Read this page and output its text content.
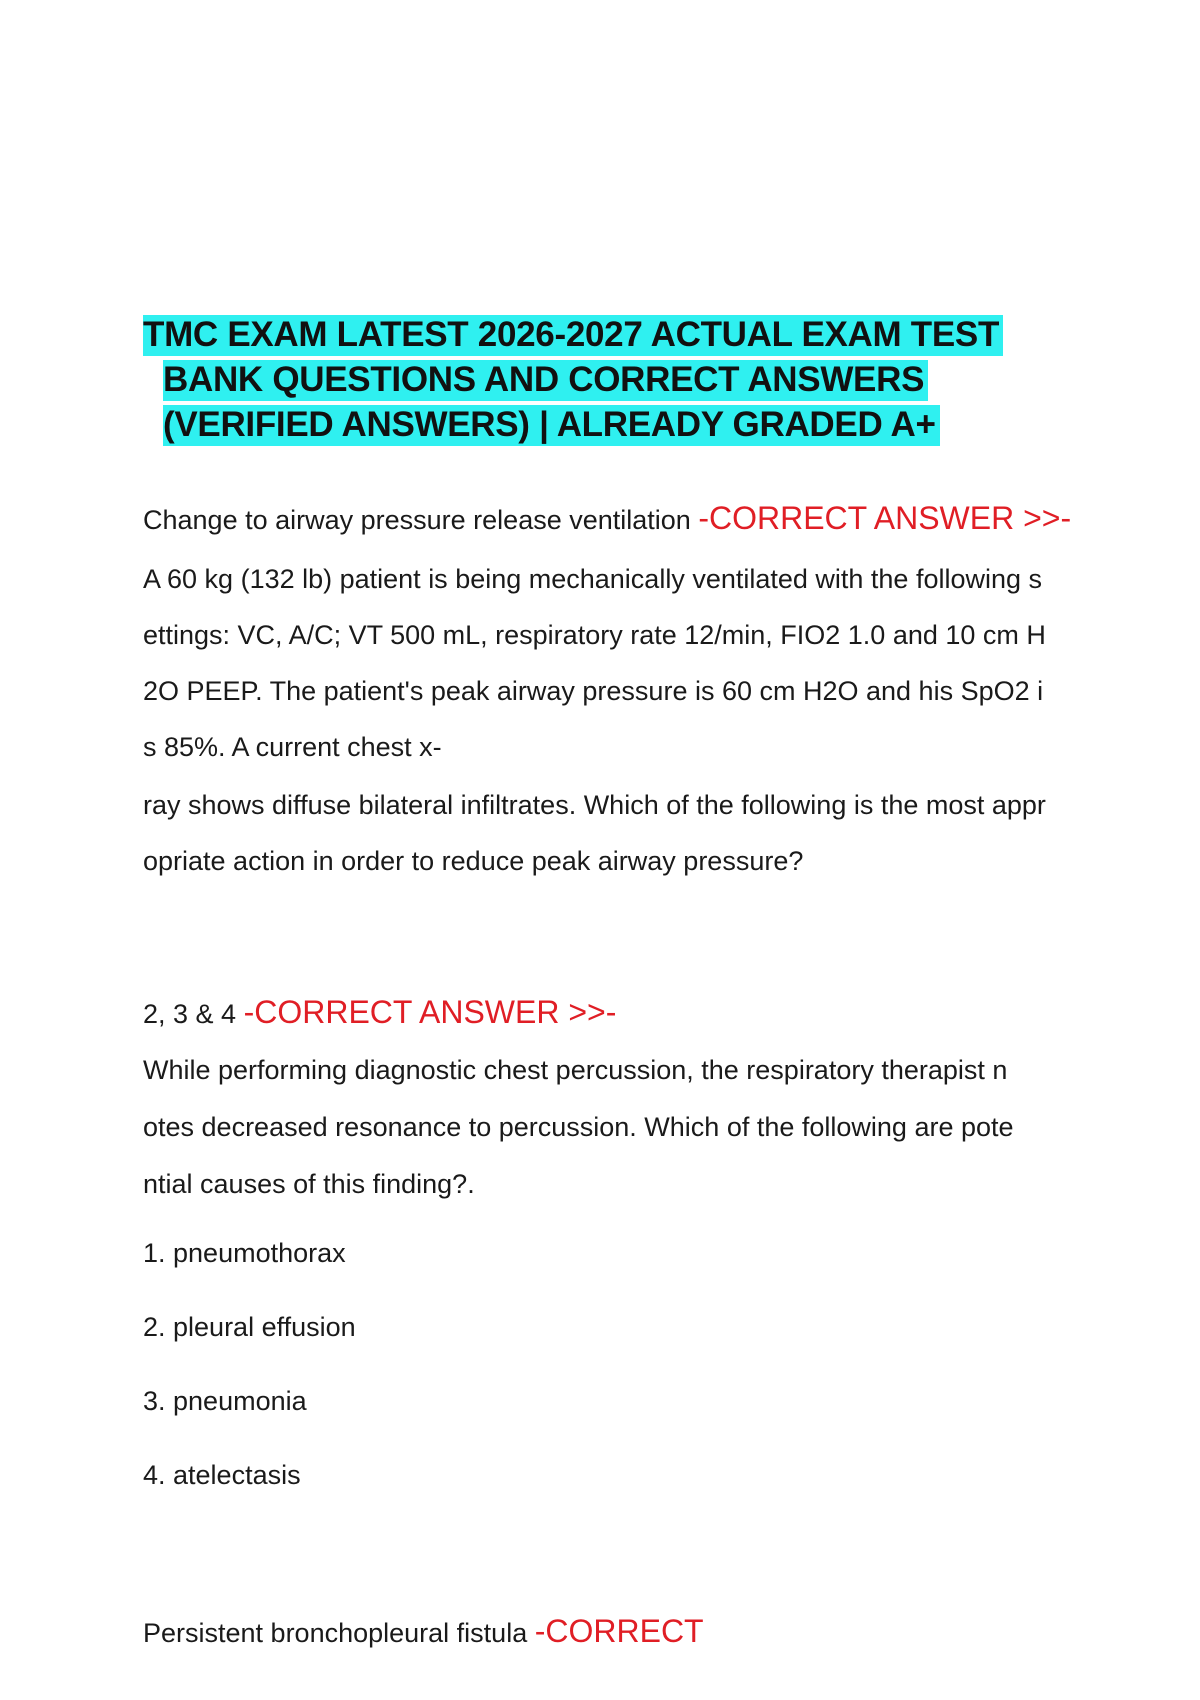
TMC EXAM LATEST 2026-2027 ACTUAL EXAM TEST
BANK QUESTIONS AND CORRECT ANSWERS
(VERIFIED ANSWERS) | ALREADY GRADED A+
Change to airway pressure release ventilation -CORRECT ANSWER >>-
A 60 kg (132 lb) patient is being mechanically ventilated with the following s
ettings: VC, A/C; VT 500 mL, respiratory rate 12/min, FIO2 1.0 and 10 cm H
2O PEEP. The patient's peak airway pressure is 60 cm H2O and his SpO2 i
s 85%. A current chest x-
ray shows diffuse bilateral infiltrates. Which of the following is the most appr
opriate action in order to reduce peak airway pressure?
2, 3 & 4 -CORRECT ANSWER >>-
While performing diagnostic chest percussion, the respiratory therapist n
otes decreased resonance to percussion. Which of the following are pote
ntial causes of this finding?.
1. pneumothorax
2. pleural effusion
3. pneumonia
4. atelectasis
Persistent bronchopleural fistula -CORRECT
